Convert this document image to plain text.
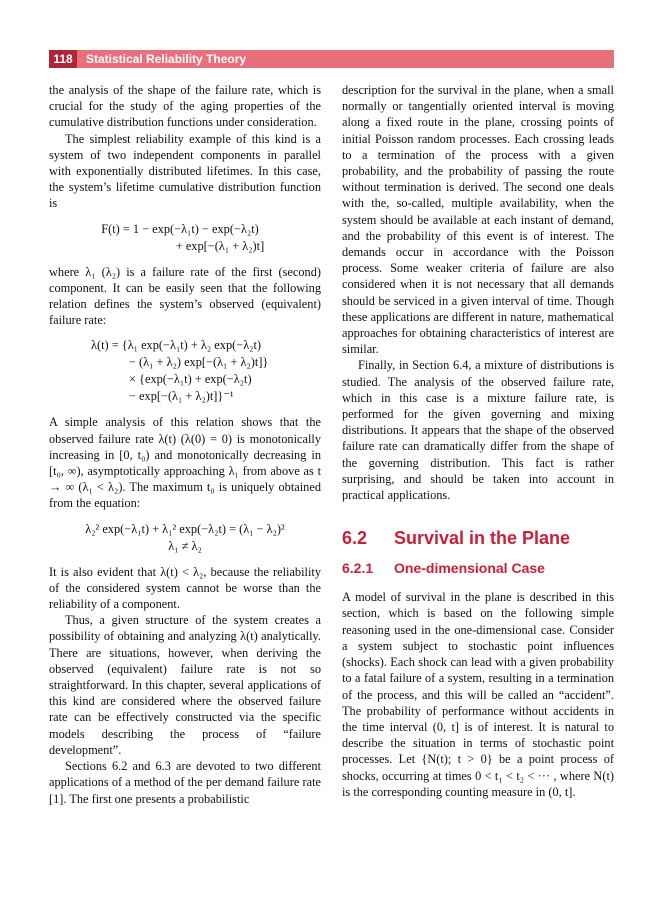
118	Statistical Reliability Theory

the analysis of the shape of the failure rate, which is crucial for the study of the aging properties of the cumulative distribution functions under consideration.

The simplest reliability example of this kind is a system of two independent components in parallel with exponentially distributed lifetimes. In this case, the system’s lifetime cumulative distribution function is

F(t) = 1 − exp(−λ₁t) − exp(−λ₂t)
+ exp[−(λ₁ + λ₂)t]

where λ₁ (λ₂) is a failure rate of the first (second) component. It can be easily seen that the following relation defines the system’s observed (equivalent) failure rate:

λ(t) = {λ₁ exp(−λ₁t) + λ₂ exp(−λ₂t)
− (λ₁ + λ₂) exp[−(λ₁ + λ₂)t]}
× {exp(−λ₁t) + exp(−λ₂t)
− exp[−(λ₁ + λ₂)t]}⁻¹

A simple analysis of this relation shows that the observed failure rate λ(t) (λ(0) = 0) is monotonically increasing in [0, t₀) and monotonically decreasing in [t₀, ∞), asymptotically approaching λ₁ from above as t → ∞ (λ₁ < λ₂). The maximum t₀ is uniquely obtained from the equation:

λ₂² exp(−λ₁t) + λ₁² exp(−λ₂t) = (λ₁ − λ₂)²
λ₁ ≠ λ₂

It is also evident that λ(t) < λ₂, because the reliability of the considered system cannot be worse than the reliability of a component.

Thus, a given structure of the system creates a possibility of obtaining and analyzing λ(t) analytically. There are situations, however, when deriving the observed (equivalent) failure rate is not so straightforward. In this chapter, several applications of this kind are considered where the observed failure rate can be effectively constructed via the specific models describing the process of “failure development”.

Sections 6.2 and 6.3 are devoted to two different applications of a method of the per demand failure rate [1]. The first one presents a probabilistic

description for the survival in the plane, when a small normally or tangentially oriented interval is moving along a fixed route in the plane, crossing points of initial Poisson random processes. Each crossing leads to a termination of the process with a given probability, and the probability of passing the route without termination is derived. The second one deals with the, so-called, multiple availability, when the system should be available at each instant of demand, and the probability of this event is of interest. The demands occur in accordance with the Poisson process. Some weaker criteria of failure are also considered when it is not necessary that all demands should be serviced in a given interval of time. Though these applications are different in nature, mathematical approaches for obtaining characteristics of interest are similar.

Finally, in Section 6.4, a mixture of distributions is studied. The analysis of the observed failure rate, which in this case is a mixture failure rate, is performed for the given governing and mixing distributions. It appears that the shape of the observed failure rate can dramatically differ from the shape of the governing distribution. This fact is rather surprising, and should be taken into account in practical applications.

6.2 Survival in the Plane
6.2.1 One-dimensional Case

A model of survival in the plane is described in this section, which is based on the following simple reasoning used in the one-dimensional case. Consider a system subject to stochastic point influences (shocks). Each shock can lead with a given probability to a fatal failure of a system, resulting in a termination of the process, and this will be called an “accident”. The probability of performance without accidents in the time interval (0, t] is of interest. It is natural to describe the situation in terms of stochastic point processes. Let {N(t); t > 0} be a point process of shocks, occurring at times 0 < t₁ < t₂ < ··· , where N(t) is the corresponding counting measure in (0, t].
